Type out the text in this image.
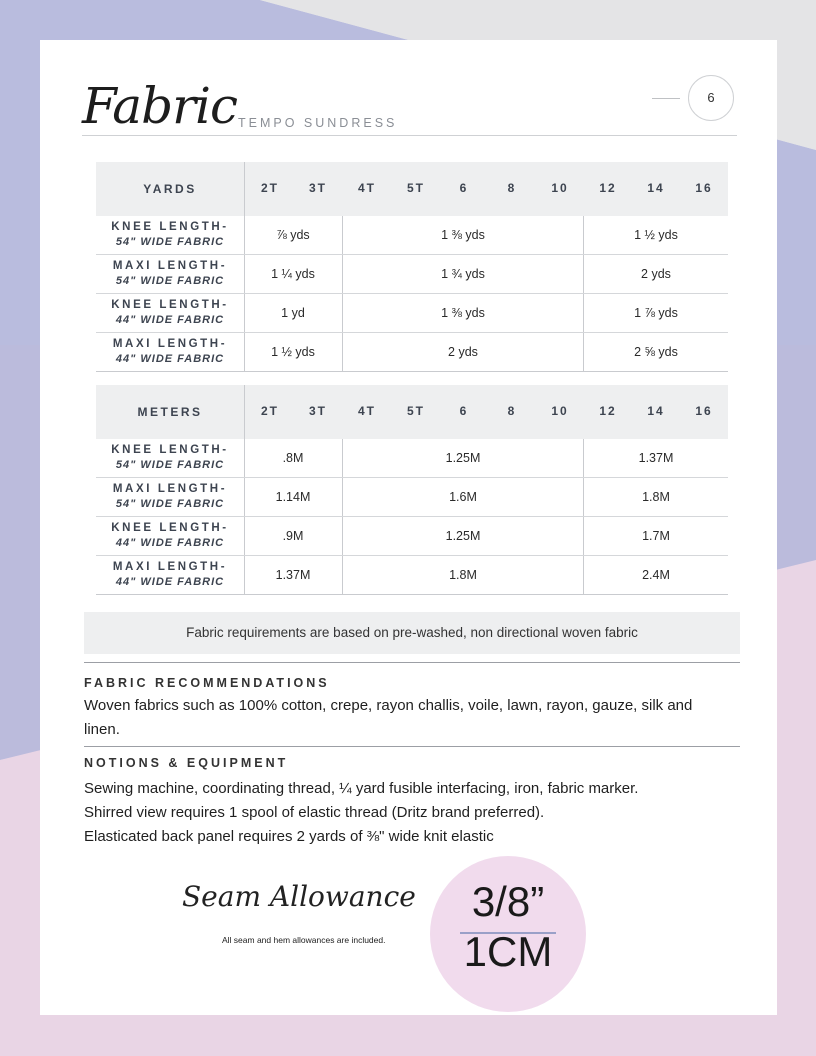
Fabric TEMPO SUNDRESS
6
YARDS	2T	3T	4T	5T	6	8	10	12	14	16
KNEE LENGTH-
54" WIDE FABRIC	⅞ yds	1 ⅜ yds	1 ½ yds
MAXI LENGTH-
54" WIDE FABRIC	1 ¼ yds	1 ¾ yds	2 yds
KNEE LENGTH-
44" WIDE FABRIC	1 yd	1 ⅜ yds	1 ⅞ yds
MAXI LENGTH-
44" WIDE FABRIC	1 ½ yds	2 yds	2 ⅝ yds
METERS	2T	3T	4T	5T	6	8	10	12	14	16
KNEE LENGTH-
54" WIDE FABRIC	.8M	1.25M	1.37M
MAXI LENGTH-
54" WIDE FABRIC	1.14M	1.6M	1.8M
KNEE LENGTH-
44" WIDE FABRIC	.9M	1.25M	1.7M
MAXI LENGTH-
44" WIDE FABRIC	1.37M	1.8M	2.4M
Fabric requirements are based on pre-washed, non directional woven fabric
FABRIC RECOMMENDATIONS
Woven fabrics such as 100% cotton, crepe, rayon challis, voile, lawn, rayon, gauze, silk and linen.
NOTIONS & EQUIPMENT
Sewing machine, coordinating thread, ¼ yard fusible interfacing, iron, fabric marker.
Shirred view requires 1 spool of elastic thread (Dritz brand preferred).
Elasticated back panel requires 2 yards of ⅜" wide knit elastic
Seam Allowance
All seam and hem allowances are included.
3/8”
1CM
